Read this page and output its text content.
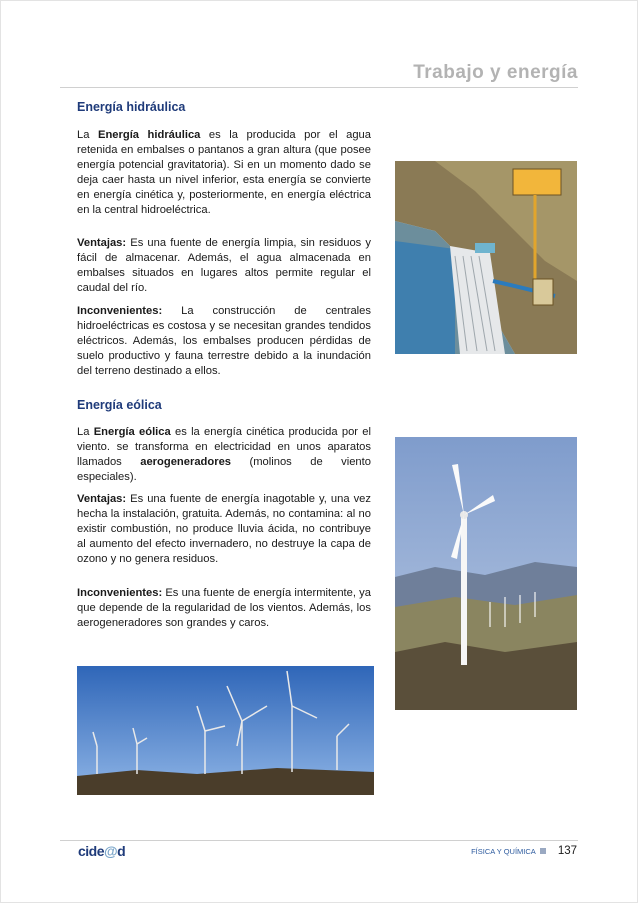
Trabajo y energía
Energía hidráulica
La Energía hidráulica es la producida por el agua retenida en embalses o pantanos a gran altura (que posee energía potencial gravitatoria). Si en un momento dado se deja caer hasta un nivel inferior, esta energía se convierte en energía cinética y, posteriormente, en energía eléctrica en la central hidroeléctrica.
Ventajas: Es una fuente de energía limpia, sin residuos y fácil de almacenar. Además, el agua almacenada en embalses situados en lugares altos permite regular el caudal del río.
Inconvenientes: La construcción de centrales hidroeléctricas es costosa y se necesitan grandes tendidos eléctricos. Además, los embalses producen pérdidas de suelo productivo y fauna terrestre debido a la inundación del terreno destinado a ellos.
Energía eólica
La Energía eólica es la energía cinética producida por el viento. se transforma en electricidad en unos aparatos llamados aerogeneradores (molinos de viento especiales).
Ventajas: Es una fuente de energía inagotable y, una vez hecha la instalación, gratuita. Además, no contamina: al no existir combustión, no produce lluvia ácida, no contribuye al aumento del efecto invernadero, no destruye la capa de ozono y no genera residuos.
Inconvenientes: Es una fuente de energía intermitente, ya que depende de la regularidad de los vientos. Además, los aerogeneradores son grandes y caros.
cide@d	FÍSICA Y QUÍMICA 137
